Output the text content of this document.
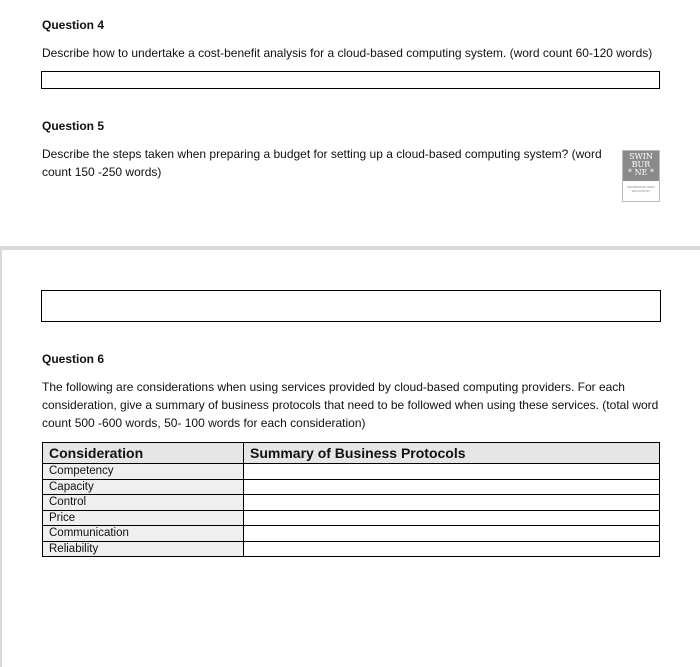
Question 4
Describe how to undertake a cost-benefit analysis for a cloud-based computing system. (word count 60-120 words)
Question 5
Describe the steps taken when preparing a budget for setting up a cloud-based computing system? (word
count 150 -250 words)
SWIN
BUR
* NE *
SWINBURNE OPEN EDUCATION
Question 6
The following are considerations when using services provided by cloud-based computing providers. For each
consideration, give a summary of business protocols that need to be followed when using these services. (total word
count 500 -600 words, 50- 100 words for each consideration)
Consideration	Summary of Business Protocols
Competency	
Capacity	
Control	
Price	
Communication	
Reliability	
